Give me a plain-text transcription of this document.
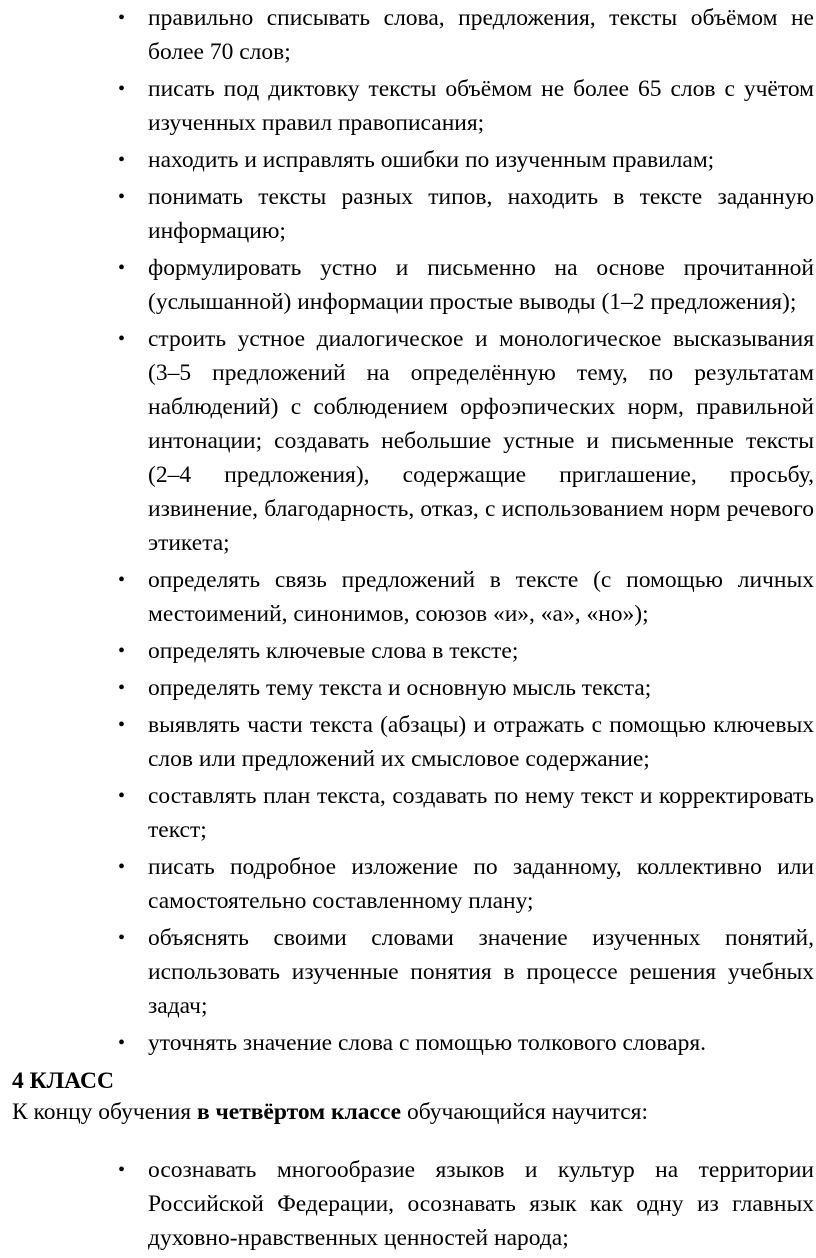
• правильно списывать слова, предложения, тексты объёмом не более 70 слов;
• писать под диктовку тексты объёмом не более 65 слов с учётом изученных правил правописания;
• находить и исправлять ошибки по изученным правилам;
• понимать тексты разных типов, находить в тексте заданную информацию;
• формулировать устно и письменно на основе прочитанной (услышанной) информации простые выводы (1–2 предложения);
• строить устное диалогическое и монологическое высказывания (3–5 предложений на определённую тему, по результатам наблюдений) с соблюдением орфоэпических норм, правильной интонации; создавать небольшие устные и письменные тексты (2–4 предложения), содержащие приглашение, просьбу, извинение, благодарность, отказ, с использованием норм речевого этикета;
• определять связь предложений в тексте (с помощью личных местоимений, синонимов, союзов «и», «а», «но»);
• определять ключевые слова в тексте;
• определять тему текста и основную мысль текста;
• выявлять части текста (абзацы) и отражать с помощью ключевых слов или предложений их смысловое содержание;
• составлять план текста, создавать по нему текст и корректировать текст;
• писать подробное изложение по заданному, коллективно или самостоятельно составленному плану;
• объяснять своими словами значение изученных понятий, использовать изученные понятия в процессе решения учебных задач;
• уточнять значение слова с помощью толкового словаря.
4 КЛАСС

К концу обучения в четвёртом классе обучающийся научится:

• осознавать многообразие языков и культур на территории Российской Федерации, осознавать язык как одну из главных духовно-нравственных ценностей народа;
